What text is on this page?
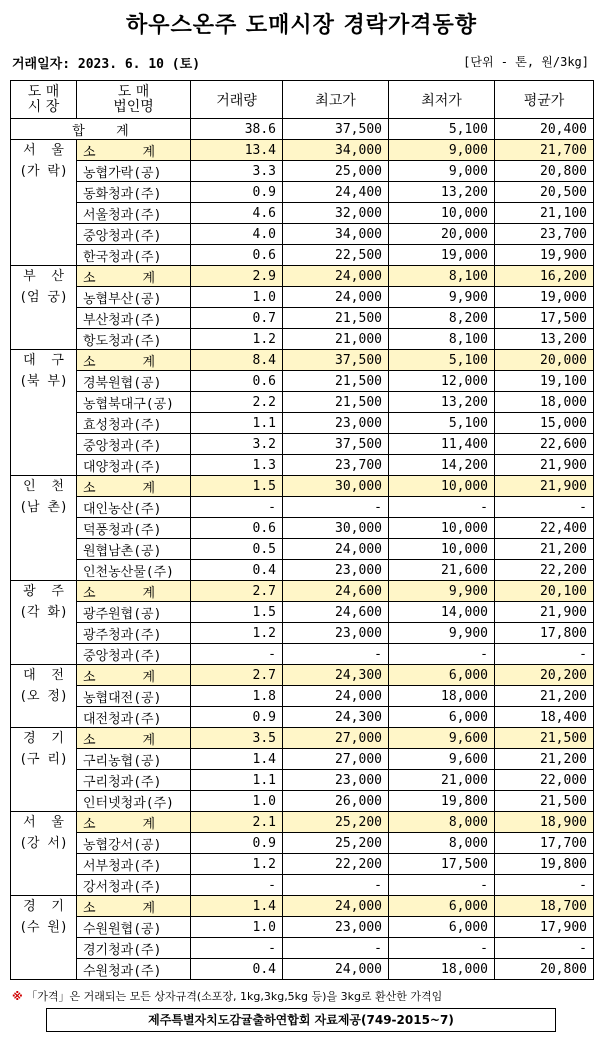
하우스온주 도매시장 경락가격동향
거래일자: 2023. 6. 10 (토)	[단위 - 톤, 원/3kg]
도 매
시 장	도 매
법인명	거래량	최고가	최저가	평균가
합    계		38.6	37,500	5,100	20,400
서  울
(가 락)	소      계	13.4	34,000	9,000	21,700
	농협가락(공)	3.3	25,000	9,000	20,800
	동화청과(주)	0.9	24,400	13,200	20,500
	서울청과(주)	4.6	32,000	10,000	21,100
	중앙청과(주)	4.0	34,000	20,000	23,700
	한국청과(주)	0.6	22,500	19,000	19,900
부  산
(엄 궁)	소      계	2.9	24,000	8,100	16,200
	농협부산(공)	1.0	24,000	9,900	19,000
	부산청과(주)	0.7	21,500	8,200	17,500
	항도청과(주)	1.2	21,000	8,100	13,200
대  구
(북 부)	소      계	8.4	37,500	5,100	20,000
	경북원협(공)	0.6	21,500	12,000	19,100
	농협북대구(공)	2.2	21,500	13,200	18,000
	효성청과(주)	1.1	23,000	5,100	15,000
	중앙청과(주)	3.2	37,500	11,400	22,600
	대양청과(주)	1.3	23,700	14,200	21,900
인  천
(남 촌)	소      계	1.5	30,000	10,000	21,900
	대인농산(주)	-	-	-	-
	덕풍청과(주)	0.6	30,000	10,000	22,400
	원협남촌(공)	0.5	24,000	10,000	21,200
	인천농산물(주)	0.4	23,000	21,600	22,200
광  주
(각 화)	소      계	2.7	24,600	9,900	20,100
	광주원협(공)	1.5	24,600	14,000	21,900
	광주청과(주)	1.2	23,000	9,900	17,800
	중앙청과(주)	-	-	-	-
대  전
(오 정)	소      계	2.7	24,300	6,000	20,200
	농협대전(공)	1.8	24,000	18,000	21,200
	대전청과(주)	0.9	24,300	6,000	18,400
경  기
(구 리)	소      계	3.5	27,000	9,600	21,500
	구리농협(공)	1.4	27,000	9,600	21,200
	구리청과(주)	1.1	23,000	21,000	22,000
	인터넷청과(주)	1.0	26,000	19,800	21,500
서  울
(강 서)	소      계	2.1	25,200	8,000	18,900
	농협강서(공)	0.9	25,200	8,000	17,700
	서부청과(주)	1.2	22,200	17,500	19,800
	강서청과(주)	-	-	-	-
경  기
(수 원)	소      계	1.4	24,000	6,000	18,700
	수원원협(공)	1.0	23,000	6,000	17,900
	경기청과(주)	-	-	-	-
	수원청과(주)	0.4	24,000	18,000	20,800
※ 「가격」은 거래되는 모든 상자규격(소포장, 1kg,3kg,5kg 등)을 3kg로 환산한 가격임
제주특별자치도감귤출하연합회 자료제공(749-2015~7)
